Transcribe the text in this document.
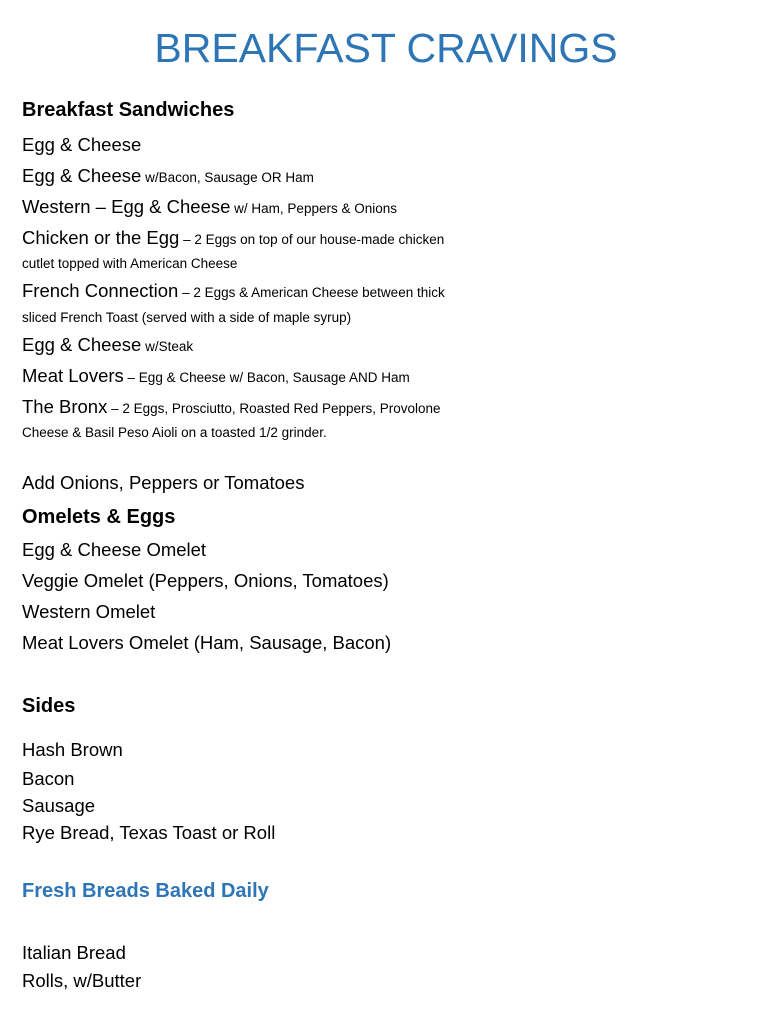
BREAKFAST CRAVINGS
Breakfast Sandwiches
Egg & Cheese
Egg & Cheese w/Bacon, Sausage OR Ham
Western – Egg & Cheese w/ Ham, Peppers & Onions
Chicken or the Egg – 2 Eggs on top of our house-made chicken
cutlet topped with American Cheese
French Connection – 2 Eggs & American Cheese between thick
sliced French Toast (served with a side of maple syrup)
Egg & Cheese w/Steak
Meat Lovers – Egg & Cheese w/ Bacon, Sausage AND Ham
The Bronx – 2 Eggs, Prosciutto, Roasted Red Peppers, Provolone
Cheese & Basil Peso Aioli on a toasted 1/2 grinder.
Add Onions, Peppers or Tomatoes
Omelets & Eggs
Egg & Cheese Omelet
Veggie Omelet (Peppers, Onions, Tomatoes)
Western Omelet
Meat Lovers Omelet (Ham, Sausage, Bacon)
Sides
Hash Brown
Bacon
Sausage
Rye Bread, Texas Toast or Roll
Fresh Breads Baked Daily
Italian Bread
Rolls, w/Butter
